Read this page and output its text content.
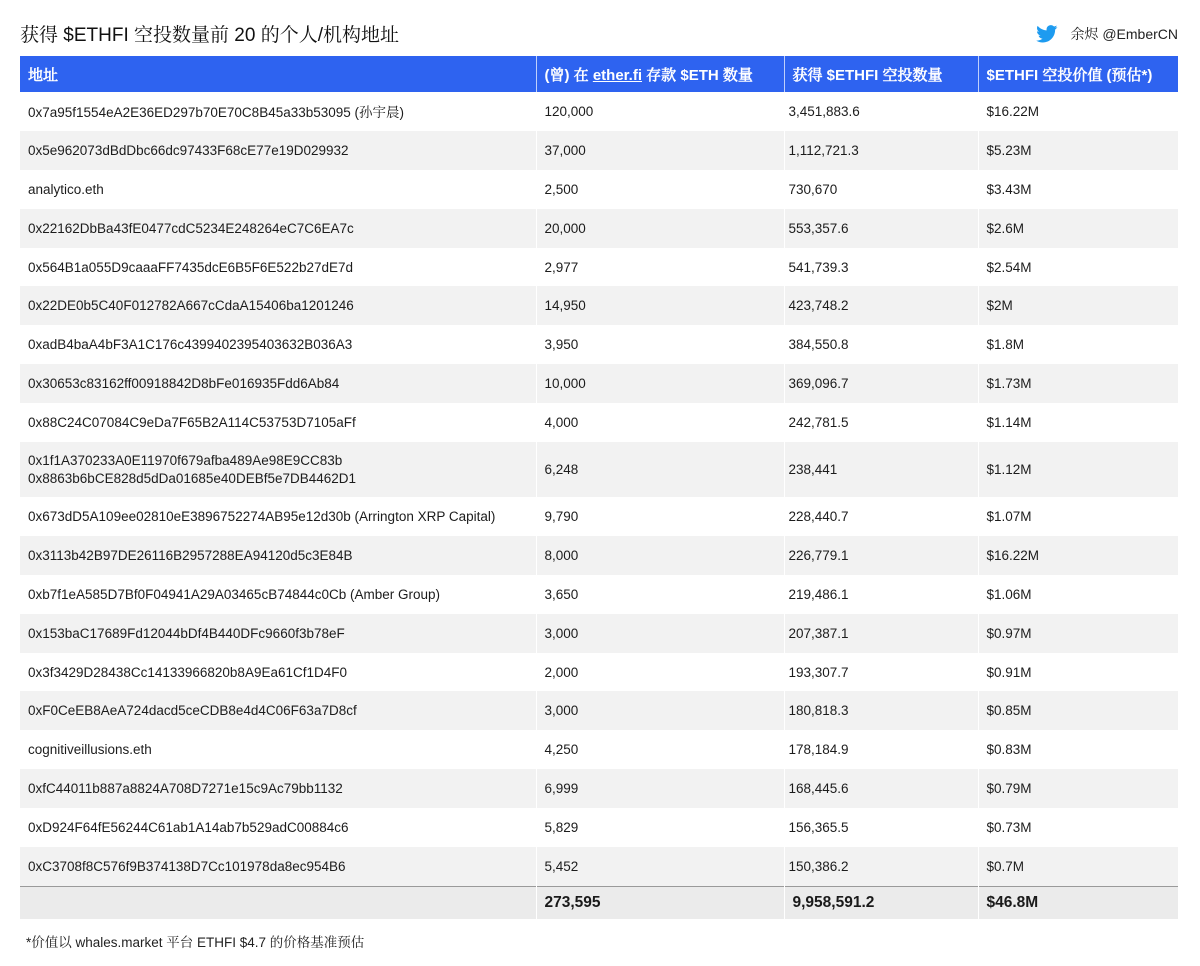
获得 $ETHFI 空投数量前 20 的个人/机构地址	余烬 @EmberCN
地址	(曾) 在 ether.fi 存款 $ETH 数量	获得 $ETHFI 空投数量	$ETHFI 空投价值 (预估*)

0x7a95f1554eA2E36ED297b70E70C8B45a33b53095 (孙宇晨)	120,000	3,451,883.6	$16.22M

0x5e962073dBdDbc66dc97433F68cE77e19D029932	37,000	1,112,721.3	$5.23M

analytico.eth	2,500	730,670	$3.43M

0x22162DbBa43fE0477cdC5234E248264eC7C6EA7c	20,000	553,357.6	$2.6M

0x564B1a055D9caaaFF7435dcE6B5F6E522b27dE7d	2,977	541,739.3	$2.54M

0x22DE0b5C40F012782A667cCdaA15406ba1201246	14,950	423,748.2	$2M

0xadB4baA4bF3A1C176c4399402395403632B036A3	3,950	384,550.8	$1.8M

0x30653c83162ff00918842D8bFe016935Fdd6Ab84	10,000	369,096.7	$1.73M

0x88C24C07084C9eDa7F65B2A114C53753D7105aFf	4,000	242,781.5	$1.14M

0x1f1A370233A0E11970f679afba489Ae98E9CC83b
0x8863b6bCE828d5dDa01685e40DEBf5e7DB4462D1	6,248	238,441	$1.12M

0x673dD5A109ee02810eE3896752274AB95e12d30b (Arrington XRP Capital)	9,790	228,440.7	$1.07M

0x3113b42B97DE26116B2957288EA94120d5c3E84B	8,000	226,779.1	$16.22M

0xb7f1eA585D7Bf0F04941A29A03465cB74844c0Cb (Amber Group)	3,650	219,486.1	$1.06M

0x153baC17689Fd12044bDf4B440DFc9660f3b78eF	3,000	207,387.1	$0.97M

0x3f3429D28438Cc14133966820b8A9Ea61Cf1D4F0	2,000	193,307.7	$0.91M

0xF0CeEB8AeA724dacd5ceCDB8e4d4C06F63a7D8cf	3,000	180,818.3	$0.85M

cognitiveillusions.eth	4,250	178,184.9	$0.83M

0xfC44011b887a8824A708D7271e15c9Ac79bb1132	6,999	168,445.6	$0.79M

0xD924F64fE56244C61ab1A14ab7b529adC00884c6	5,829	156,365.5	$0.73M

0xC3708f8C576f9B374138D7Cc101978da8ec954B6	5,452	150,386.2	$0.7M
	273,595	9,958,591.2	$46.8M
*价值以 whales.market 平台 ETHFI $4.7 的价格基准预估
